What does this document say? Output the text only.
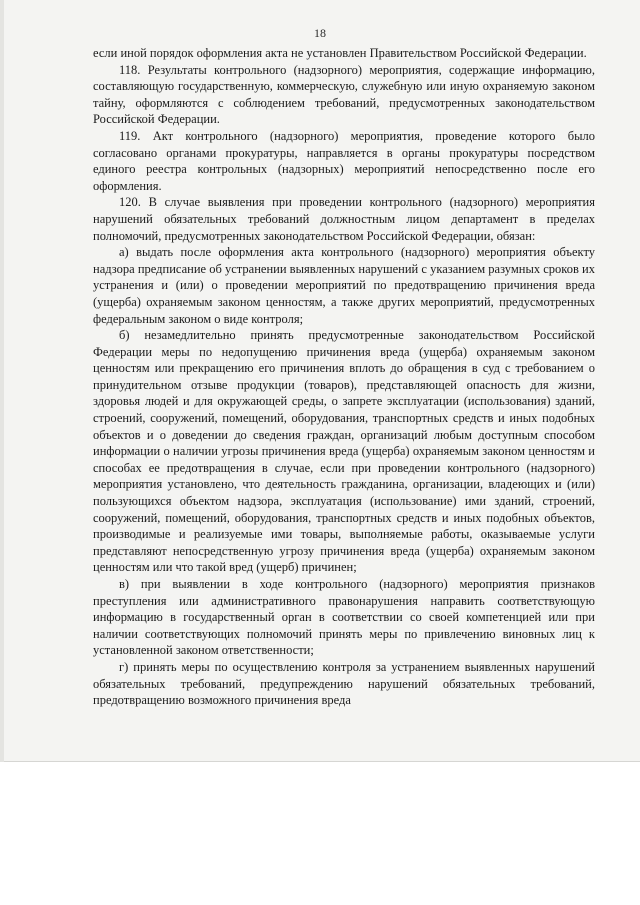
18

если иной порядок оформления акта не установлен Правительством Российской Федерации.

118. Результаты контрольного (надзорного) мероприятия, содержащие информацию, составляющую государственную, коммерческую, служебную или иную охраняемую законом тайну, оформляются с соблюдением требований, предусмотренных законодательством Российской Федерации.

119. Акт контрольного (надзорного) мероприятия, проведение которого было согласовано органами прокуратуры, направляется в органы прокуратуры посредством единого реестра контрольных (надзорных) мероприятий непосредственно после его оформления.

120. В случае выявления при проведении контрольного (надзорного) мероприятия нарушений обязательных требований должностным лицом департамент в пределах полномочий, предусмотренных законодательством Российской Федерации, обязан:

а) выдать после оформления акта контрольного (надзорного) мероприятия объекту надзора предписание об устранении выявленных нарушений с указанием разумных сроков их устранения и (или) о проведении мероприятий по предотвращению причинения вреда (ущерба) охраняемым законом ценностям, а также других мероприятий, предусмотренных федеральным законом о виде контроля;

б) незамедлительно принять предусмотренные законодательством Российской Федерации меры по недопущению причинения вреда (ущерба) охраняемым законом ценностям или прекращению его причинения вплоть до обращения в суд с требованием о принудительном отзыве продукции (товаров), представляющей опасность для жизни, здоровья людей и для окружающей среды, о запрете эксплуатации (использования) зданий, строений, сооружений, помещений, оборудования, транспортных средств и иных подобных объектов и о доведении до сведения граждан, организаций любым доступным способом информации о наличии угрозы причинения вреда (ущерба) охраняемым законом ценностям и способах ее предотвращения в случае, если при проведении контрольного (надзорного) мероприятия установлено, что деятельность гражданина, организации, владеющих и (или) пользующихся объектом надзора, эксплуатация (использование) ими зданий, строений, сооружений, помещений, оборудования, транспортных средств и иных подобных объектов, производимые и реализуемые ими товары, выполняемые работы, оказываемые услуги представляют непосредственную угрозу причинения вреда (ущерба) охраняемым законом ценностям или что такой вред (ущерб) причинен;

в) при выявлении в ходе контрольного (надзорного) мероприятия признаков преступления или административного правонарушения направить соответствующую информацию в государственный орган в соответствии со своей компетенцией или при наличии соответствующих полномочий принять меры по привлечению виновных лиц к установленной законом ответственности;

г) принять меры по осуществлению контроля за устранением выявленных нарушений обязательных требований, предупреждению нарушений обязательных требований, предотвращению возможного причинения вреда
